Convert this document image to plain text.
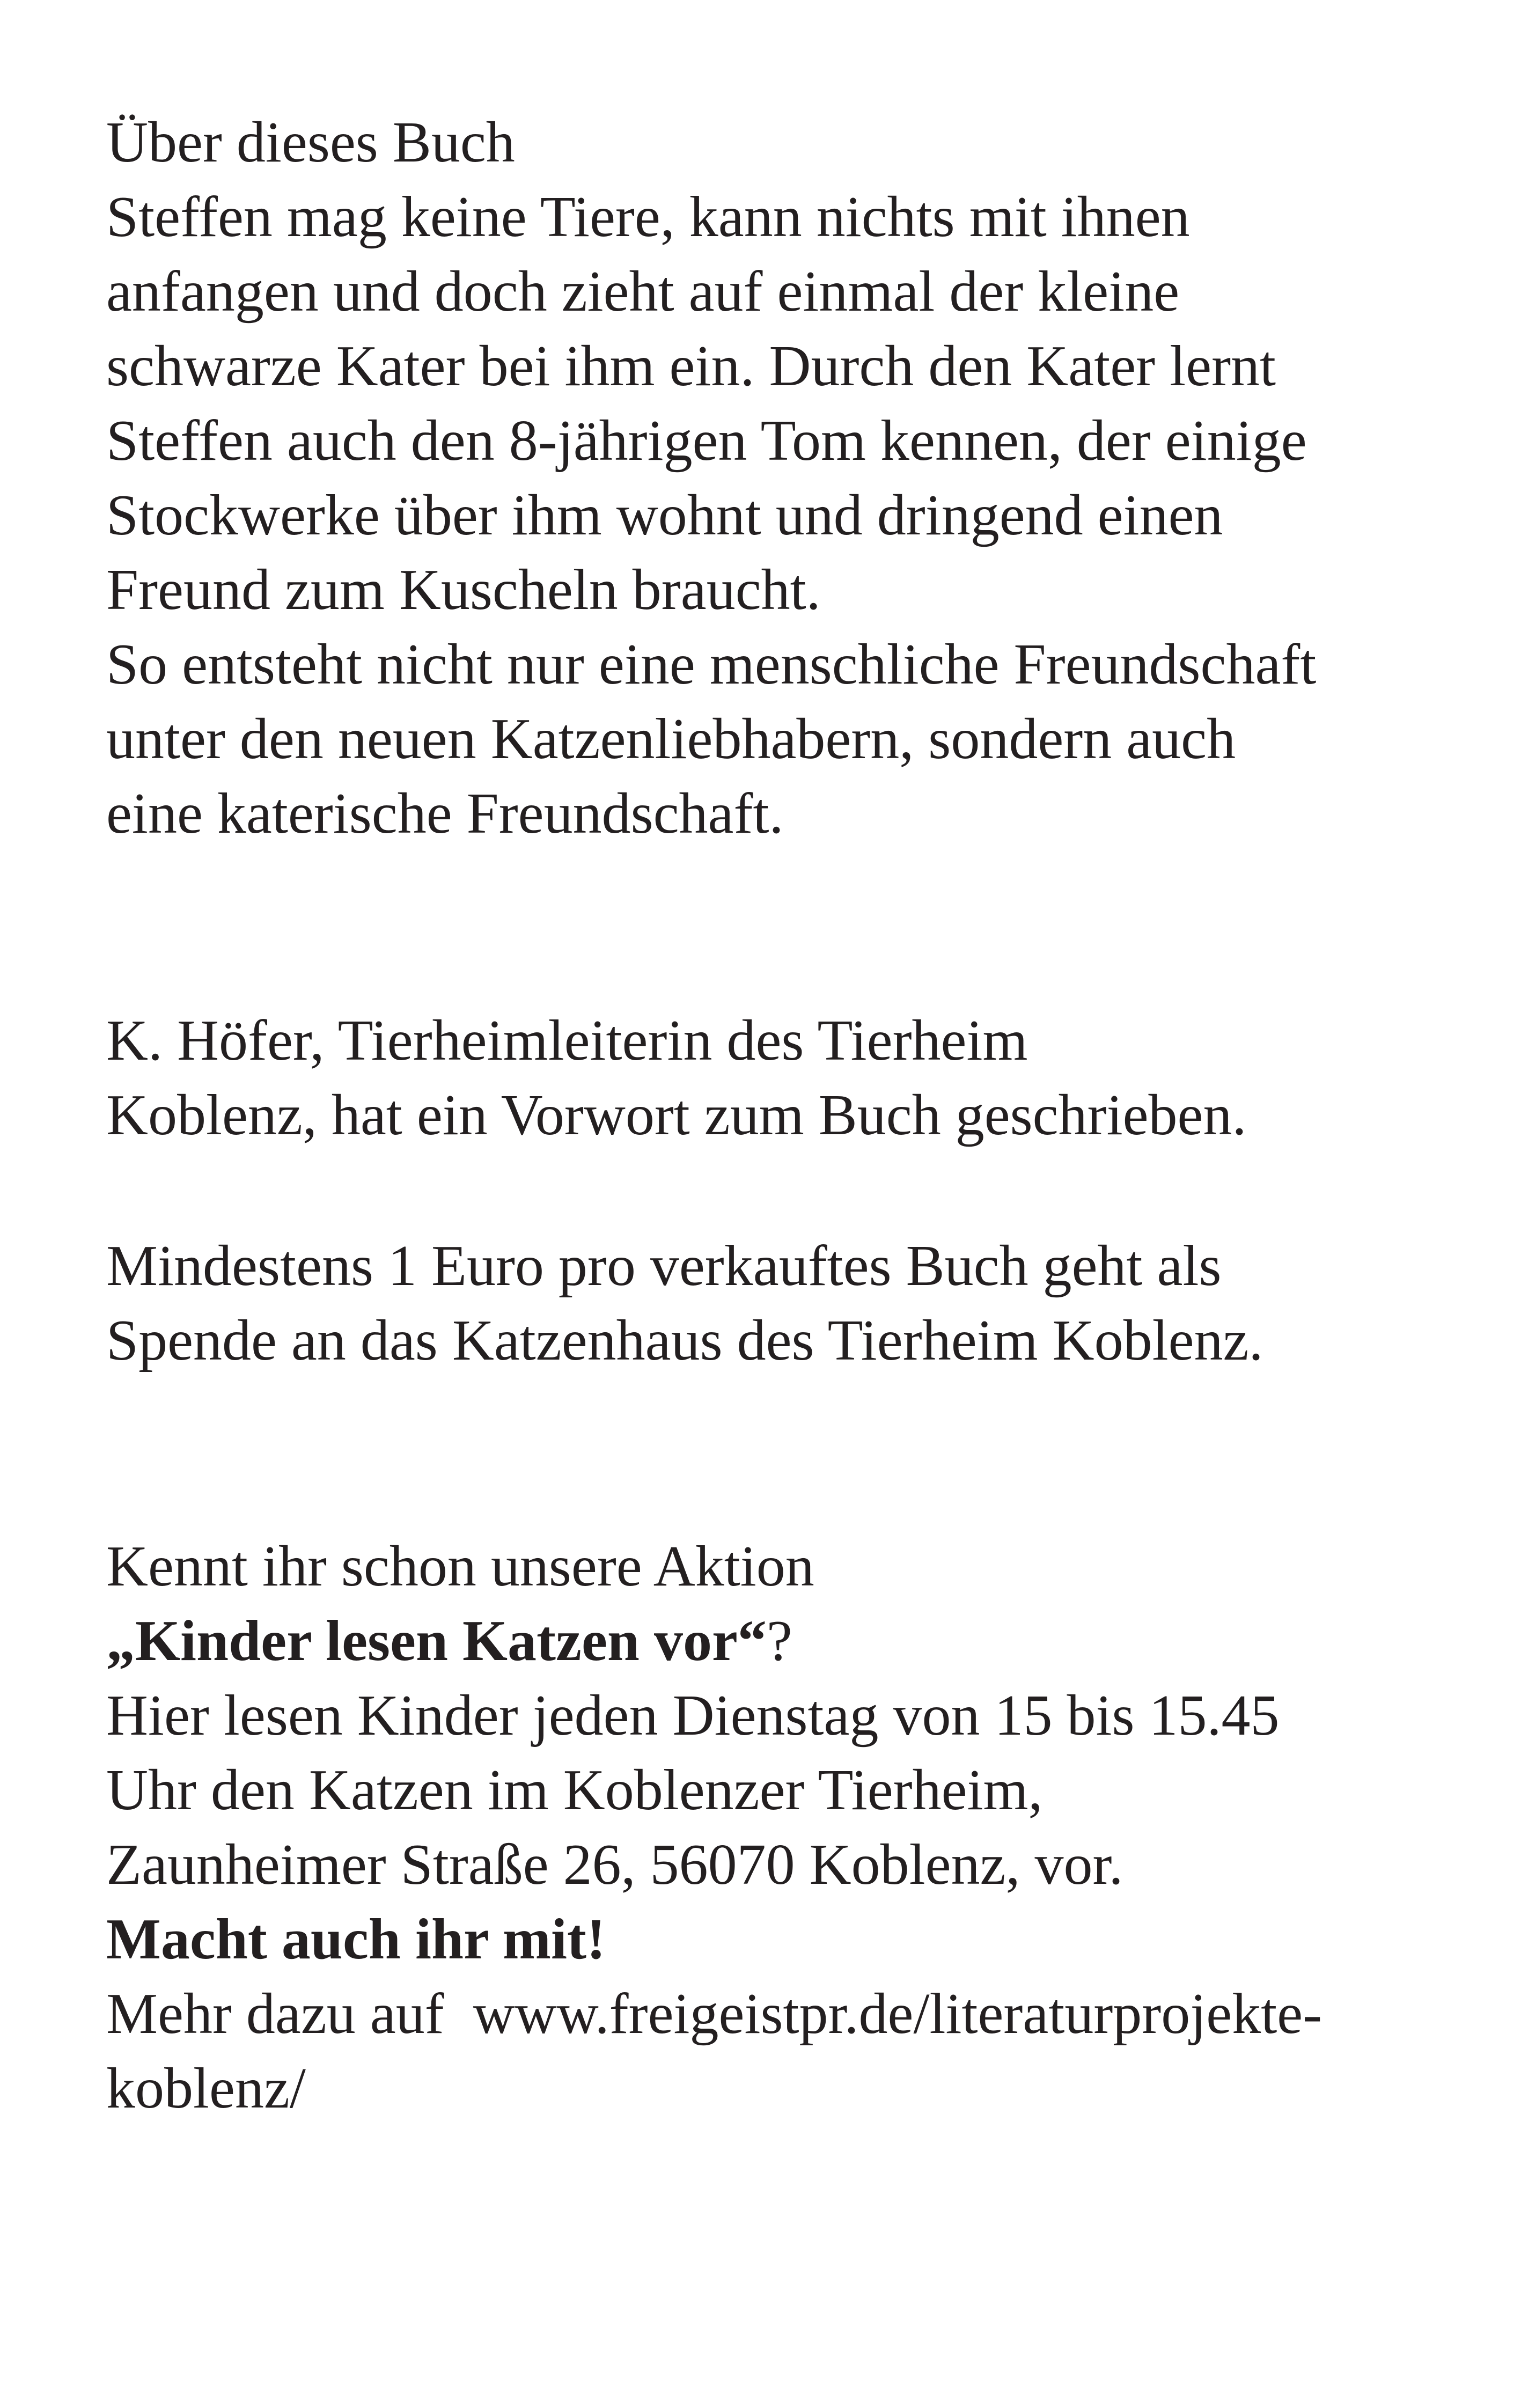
Über dieses Buch
Steffen mag keine Tiere, kann nichts mit ihnen
anfangen und doch zieht auf einmal der kleine
schwarze Kater bei ihm ein. Durch den Kater lernt
Steffen auch den 8-jährigen Tom kennen, der einige
Stockwerke über ihm wohnt und dringend einen
Freund zum Kuscheln braucht.
So entsteht nicht nur eine menschliche Freundschaft
unter den neuen Katzenliebhabern, sondern auch
eine katerische Freundschaft.
K. Höfer, Tierheimleiterin des Tierheim
Koblenz, hat ein Vorwort zum Buch geschrieben.
Mindestens 1 Euro pro verkauftes Buch geht als
Spende an das Katzenhaus des Tierheim Koblenz.
Kennt ihr schon unsere Aktion
„Kinder lesen Katzen vor“?
Hier lesen Kinder jeden Dienstag von 15 bis 15.45
Uhr den Katzen im Koblenzer Tierheim,
Zaunheimer Straße 26, 56070 Koblenz, vor.
Macht auch ihr mit!
Mehr dazu auf  www.freigeistpr.de/literaturprojekte-
koblenz/
